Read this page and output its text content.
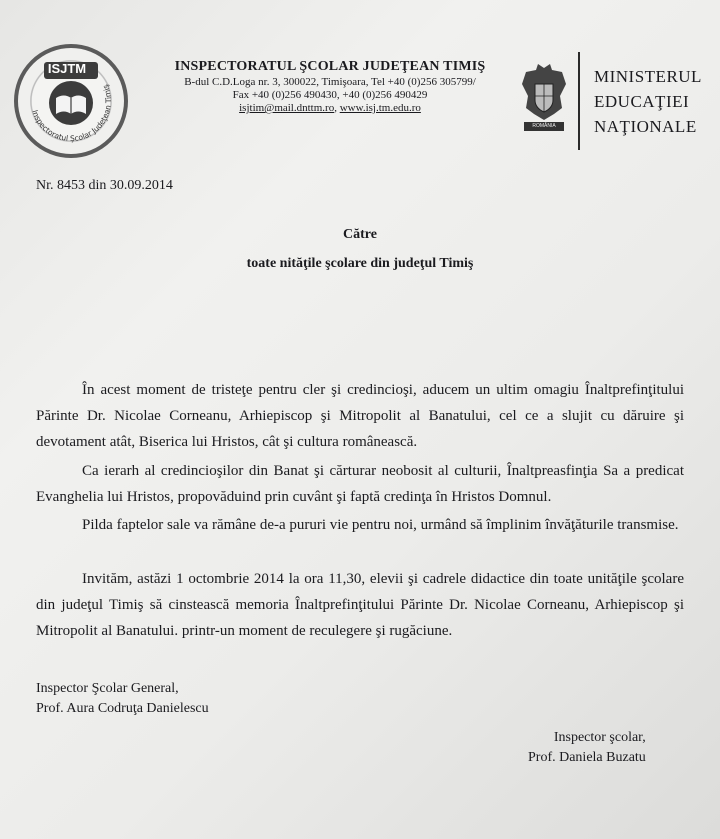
Inspectoratul Şcolar Judeţean Timiş
ISJTM	INSPECTORATUL ŞCOLAR JUDEŢEAN TIMIŞ
B-dul C.D.Loga nr. 3, 300022, Timişoara, Tel +40 (0)256 305799/
Fax +40 (0)256 490430, +40 (0)256 490429
isjtim@mail.dnttm.ro, www.isj.tm.edu.ro
ROMÂNIA
MINISTERUL
EDUCAŢIEI
NAŢIONALE
Nr. 8453 din 30.09.2014
Către
toate nităţile şcolare din judeţul Timiş
În acest moment de tristeţe pentru cler şi credincioşi, aducem un ultim omagiu Înaltprefinţitului Părinte Dr. Nicolae Corneanu, Arhiepiscop şi Mitropolit al Banatului, cel ce a slujit cu dăruire şi devotament atât, Biserica lui Hristos, cât şi cultura românească.
Ca ierarh al credincioşilor din Banat şi cărturar neobosit al culturii, Înaltpreasfinţia Sa a predicat Evanghelia lui Hristos, propovăduind prin cuvânt şi faptă credinţa în Hristos Domnul.
Pilda faptelor sale va rămâne de-a pururi vie pentru noi, urmând să împlinim învăţăturile transmise.
Invităm, astăzi 1 octombrie 2014 la ora 11,30, elevii şi cadrele didactice din toate unităţile şcolare din judeţul Timiş să cinstească memoria Înaltprefinţitului Părinte Dr. Nicolae Corneanu, Arhiepiscop şi Mitropolit al Banatului. printr-un moment de reculegere şi rugăciune.
Inspector Şcolar General,
Prof. Aura Codruţa Danielescu
Inspector şcolar,
Prof. Daniela Buzatu
